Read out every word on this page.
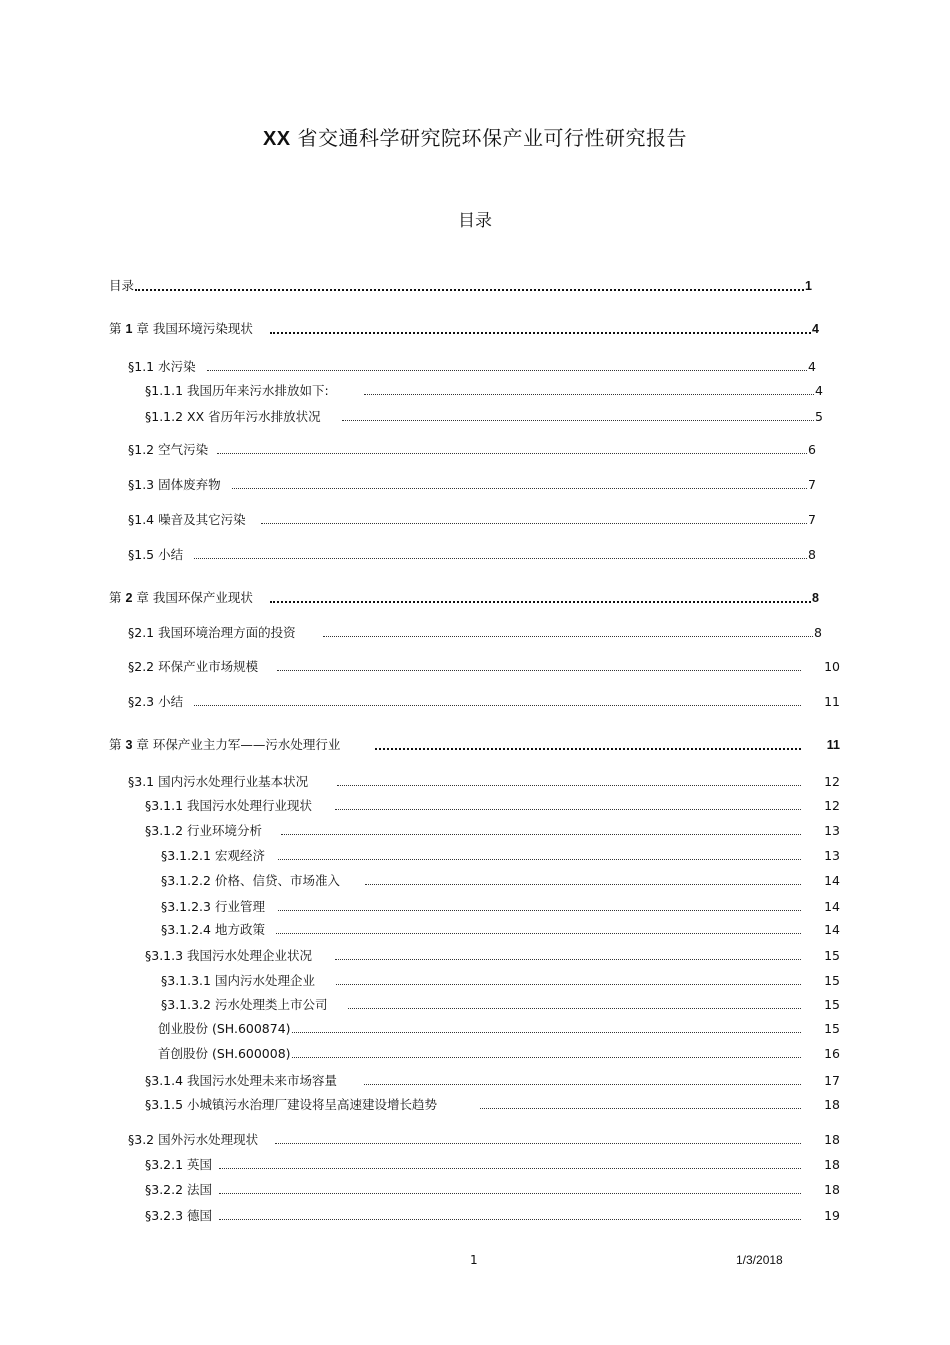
XX 省交通科学研究院环保产业可行性研究报告
目录
目录	1
第 1 章 我国环境污染现状	4
§1.1 水污染	4
§1.1.1 我国历年来污水排放如下:	4
§1.1.2 XX 省历年污水排放状况	5
§1.2 空气污染	6
§1.3 固体废弃物	7
§1.4 噪音及其它污染	7
§1.5 小结	8
第 2 章 我国环保产业现状	8
§2.1 我国环境治理方面的投资	8
§2.2 环保产业市场规模	10
§2.3 小结	11
第 3 章 环保产业主力军——污水处理行业	11
§3.1 国内污水处理行业基本状况	12
§3.1.1 我国污水处理行业现状	12
§3.1.2 行业环境分析	13
§3.1.2.1 宏观经济	13
§3.1.2.2 价格、信贷、市场准入	14
§3.1.2.3 行业管理	14
§3.1.2.4 地方政策	14
§3.1.3 我国污水处理企业状况	15
§3.1.3.1 国内污水处理企业	15
§3.1.3.2 污水处理类上市公司	15
创业股份 (SH.600874)	15
首创股份 (SH.600008)	16
§3.1.4 我国污水处理未来市场容量	17
§3.1.5 小城镇污水治理厂建设将呈高速建设增长趋势	18
§3.2 国外污水处理现状	18
§3.2.1 英国	18
§3.2.2 法国	18
§3.2.3 德国	19
1	1/3/2018
